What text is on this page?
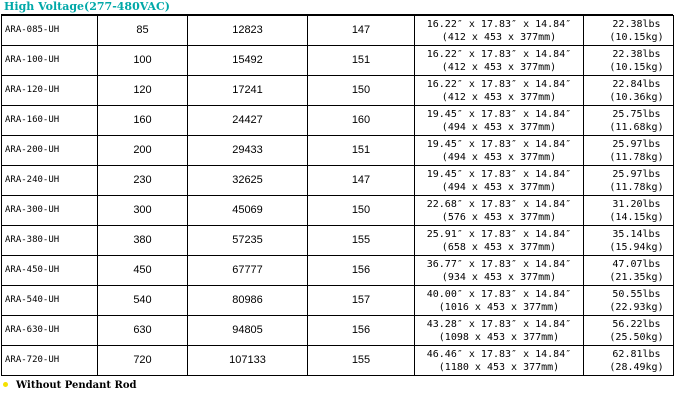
High Voltage(277-480VAC)
ARA-085-UH	85	12823	147	16.22″ x 17.83″ x 14.84″
(412 x 453 x 377mm)	22.38lbs
(10.15kg)

ARA-100-UH	100	15492	151	16.22″ x 17.83″ x 14.84″
(412 x 453 x 377mm)	22.38lbs
(10.15kg)

ARA-120-UH	120	17241	150	16.22″ x 17.83″ x 14.84″
(412 x 453 x 377mm)	22.84lbs
(10.36kg)

ARA-160-UH	160	24427	160	19.45″ x 17.83″ x 14.84″
(494 x 453 x 377mm)	25.75lbs
(11.68kg)

ARA-200-UH	200	29433	151	19.45″ x 17.83″ x 14.84″
(494 x 453 x 377mm)	25.97lbs
(11.78kg)

ARA-240-UH	230	32625	147	19.45″ x 17.83″ x 14.84″
(494 x 453 x 377mm)	25.97lbs
(11.78kg)

ARA-300-UH	300	45069	150	22.68″ x 17.83″ x 14.84″
(576 x 453 x 377mm)	31.20lbs
(14.15kg)

ARA-380-UH	380	57235	155	25.91″ x 17.83″ x 14.84″
(658 x 453 x 377mm)	35.14lbs
(15.94kg)

ARA-450-UH	450	67777	156	36.77″ x 17.83″ x 14.84″
(934 x 453 x 377mm)	47.07lbs
(21.35kg)

ARA-540-UH	540	80986	157	40.00″ x 17.83″ x 14.84″
(1016 x 453 x 377mm)	50.55lbs
(22.93kg)

ARA-630-UH	630	94805	156	43.28″ x 17.83″ x 14.84″
(1098 x 453 x 377mm)	56.22lbs
(25.50kg)

ARA-720-UH	720	107133	155	46.46″ x 17.83″ x 14.84″
(1180 x 453 x 377mm)	62.81lbs
(28.49kg)
Without Pendant Rod
